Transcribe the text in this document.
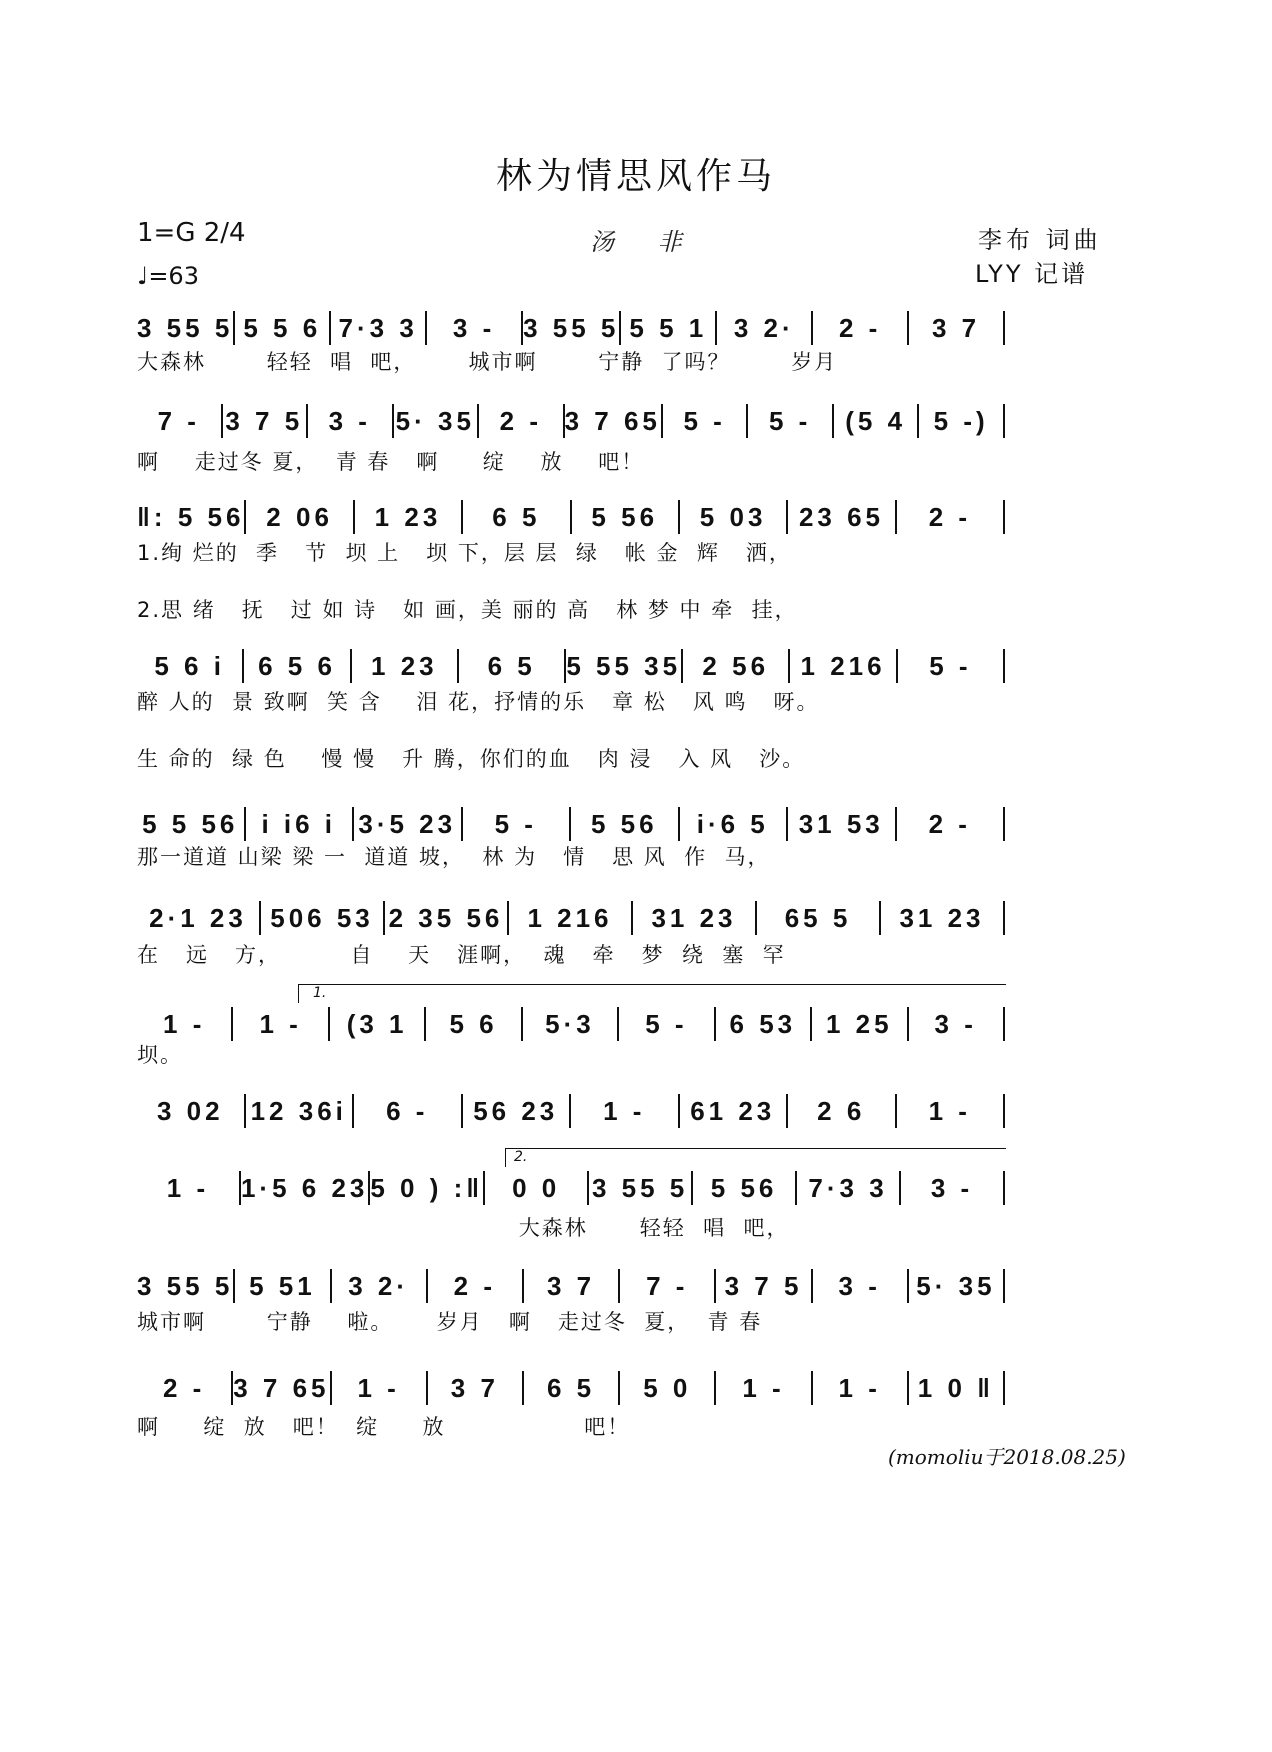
林为情思风作马
1=G 2/4
♩=63
汤 非	李布 词曲
LYY 记谱
3 55 5 5 5 6 7·3 3	3 -	3 55 5 5 5 1	3 2·	2 -	3 7
大森林       轻轻  唱  吧，      城市啊       宁静  了吗？       岁月
7 - 3 7 5 3 - 5· 35 2 - 3 7 65 5 -	5 -	(5 4	5 -)
啊    走过冬 夏，  青 春   啊     绽    放    吧！
‖: 5 56 2 06	1 23	6 5	5 56	5 03	23 65	2 -
1.绚 烂的  季   节  坝 上   坝 下，层 层  绿   帐 金  辉   洒，
2.思 绪   抚   过 如 诗   如 画，美 丽的 高   林 梦 中 牵  挂，
5 6 i	6 5 6	1 23	6 5	5 55 35 2 56	1 216	5 -
醉 人的  景 致啊  笑 含    泪 花，抒情的乐   章 松   风 鸣   呀。
生 命的  绿 色    慢 慢   升 腾，你们的血   肉 浸   入 风   沙。
5 5 56 i i6 i 3·5 23	5 -	5 56	i·6 5	31 53	2 -
那一道道 山梁 梁 一  道道 坡，  林 为   情   思 风  作  马，
2·1 23 506 53 2 35 56 1 216	31 23	65 5	31 23
在   远   方，        自    天   涯啊，  魂   牵   梦  绕  塞  罕
1 -	1 -	(3 1	5 6	5·3	5 -	6 53	1 25	3 -
坝。
3 02	12 36i	6 -	56 23	1 -	61 23	2 6	1 -
1 -	1·5 6 23 5 0 ) :‖	0 0	3 55 5 5 56	7·3 3	3 -
大森林      轻轻  唱  吧，
3 55 5 5 51	3 2·	2 -	3 7	7 -	3 7 5	3 -	5· 35
城市啊       宁静    啦。     岁月   啊   走过冬  夏，  青 春
2 -	3 7 65	1 -	3 7	6 5	5 0	1 -	1 -	1 0 ‖
啊     绽  放   吧！  绽     放                吧！
1.
2.
(momoliu于2018.08.25)
